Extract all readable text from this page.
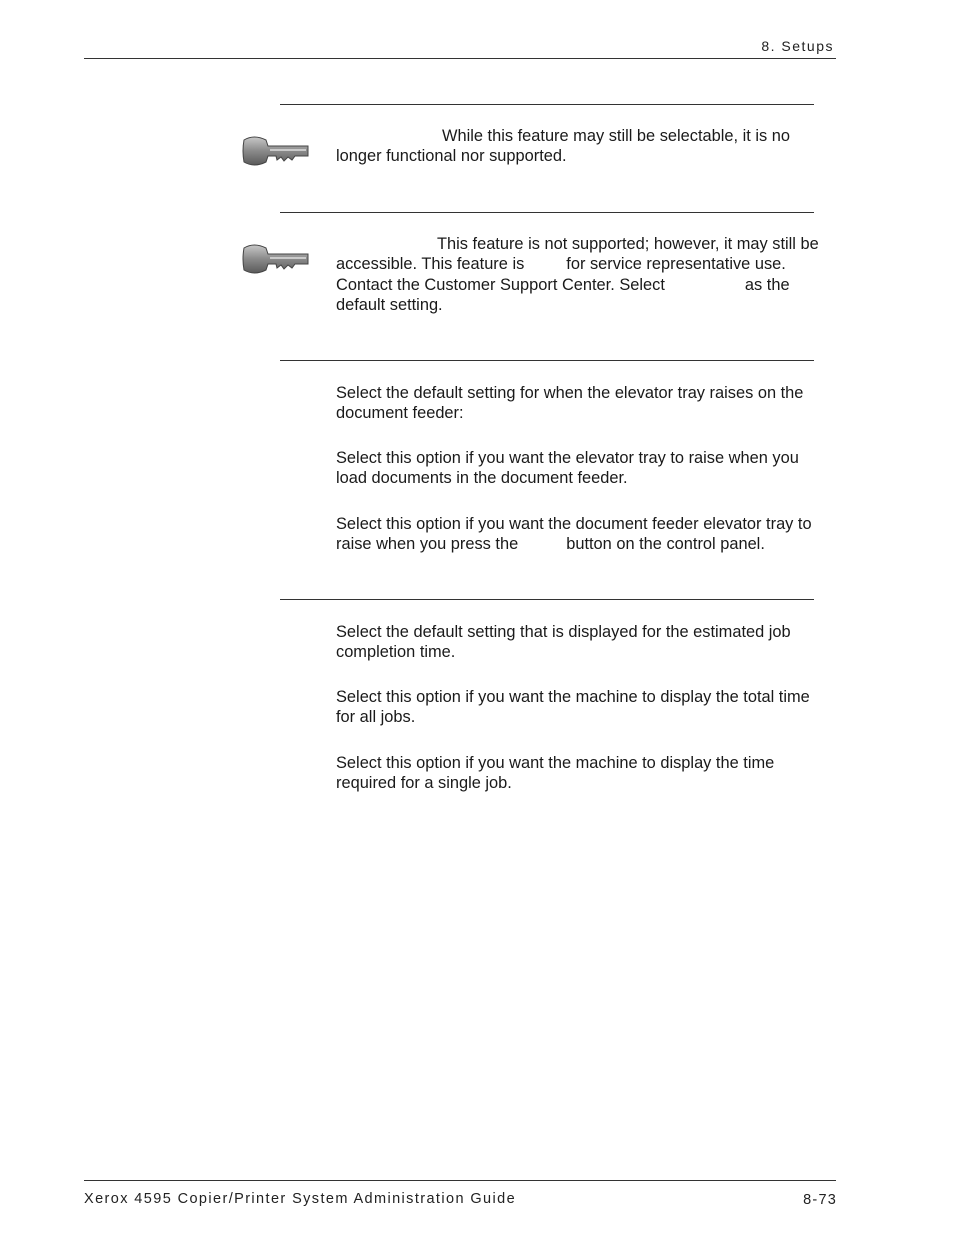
8. Setups

While this feature may still be selectable, it is no longer functional nor supported.

This feature is not supported; however, it may still be
accessible. This feature is	for service representative use.
Contact the Customer Support Center. Select	as the
default setting.
Select the default setting for when the elevator tray raises on the
document feeder:
Select this option if you want the elevator tray to raise when you
load documents in the document feeder.
Select this option if you want the document feeder elevator tray to
raise when you press the	button on the control panel.
Select the default setting that is displayed for the estimated job
completion time.
Select this option if you want the machine to display the total time
for all jobs.
Select this option if you want the machine to display the time
required for a single job.
Xerox 4595 Copier/Printer System Administration Guide	8-73
